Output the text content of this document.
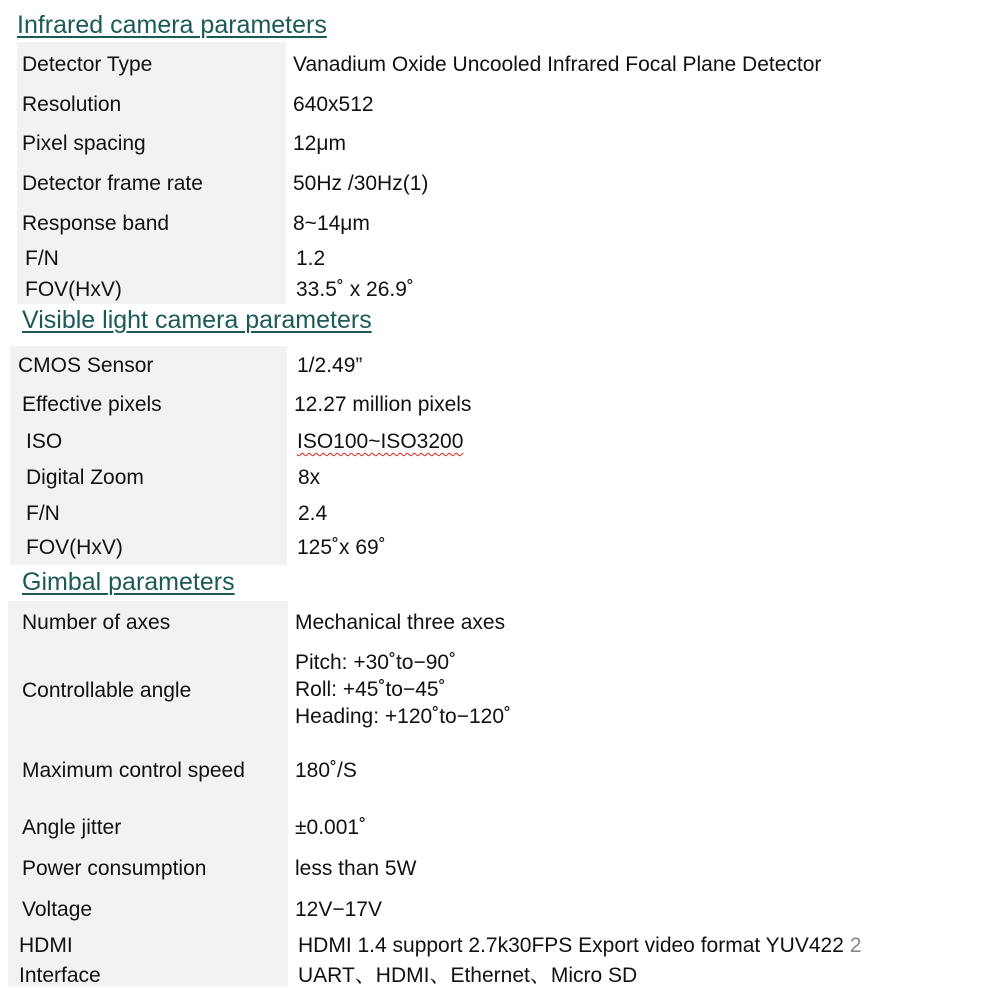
Infrared camera parameters
Detector Type	Vanadium Oxide Uncooled Infrared Focal Plane Detector
Resolution	640x512
Pixel spacing	12μm
Detector frame rate	50Hz /30Hz(1)
Response band	8~14μm
F/N	1.2
FOV(HxV)	33.5˚ x 26.9˚
Visible light camera parameters
CMOS Sensor	1/2.49”
Effective pixels	12.27 million pixels
ISO	ISO100~ISO3200
Digital Zoom	8x
F/N	2.4
FOV(HxV)	125˚x 69˚
Gimbal parameters
Number of axes	Mechanical three axes
Controllable angle
Pitch: +30˚to−90˚
Roll: +45˚to−45˚
Heading: +120˚to−120˚
Maximum control speed 180˚/S
Angle jitter	±0.001˚
Power consumption	less than 5W
Voltage	12V−17V
HDMI	HDMI 1.4 support 2.7k30FPS Export video format YUV422 2
Interface	UART、HDMI、Ethernet、Micro SD
